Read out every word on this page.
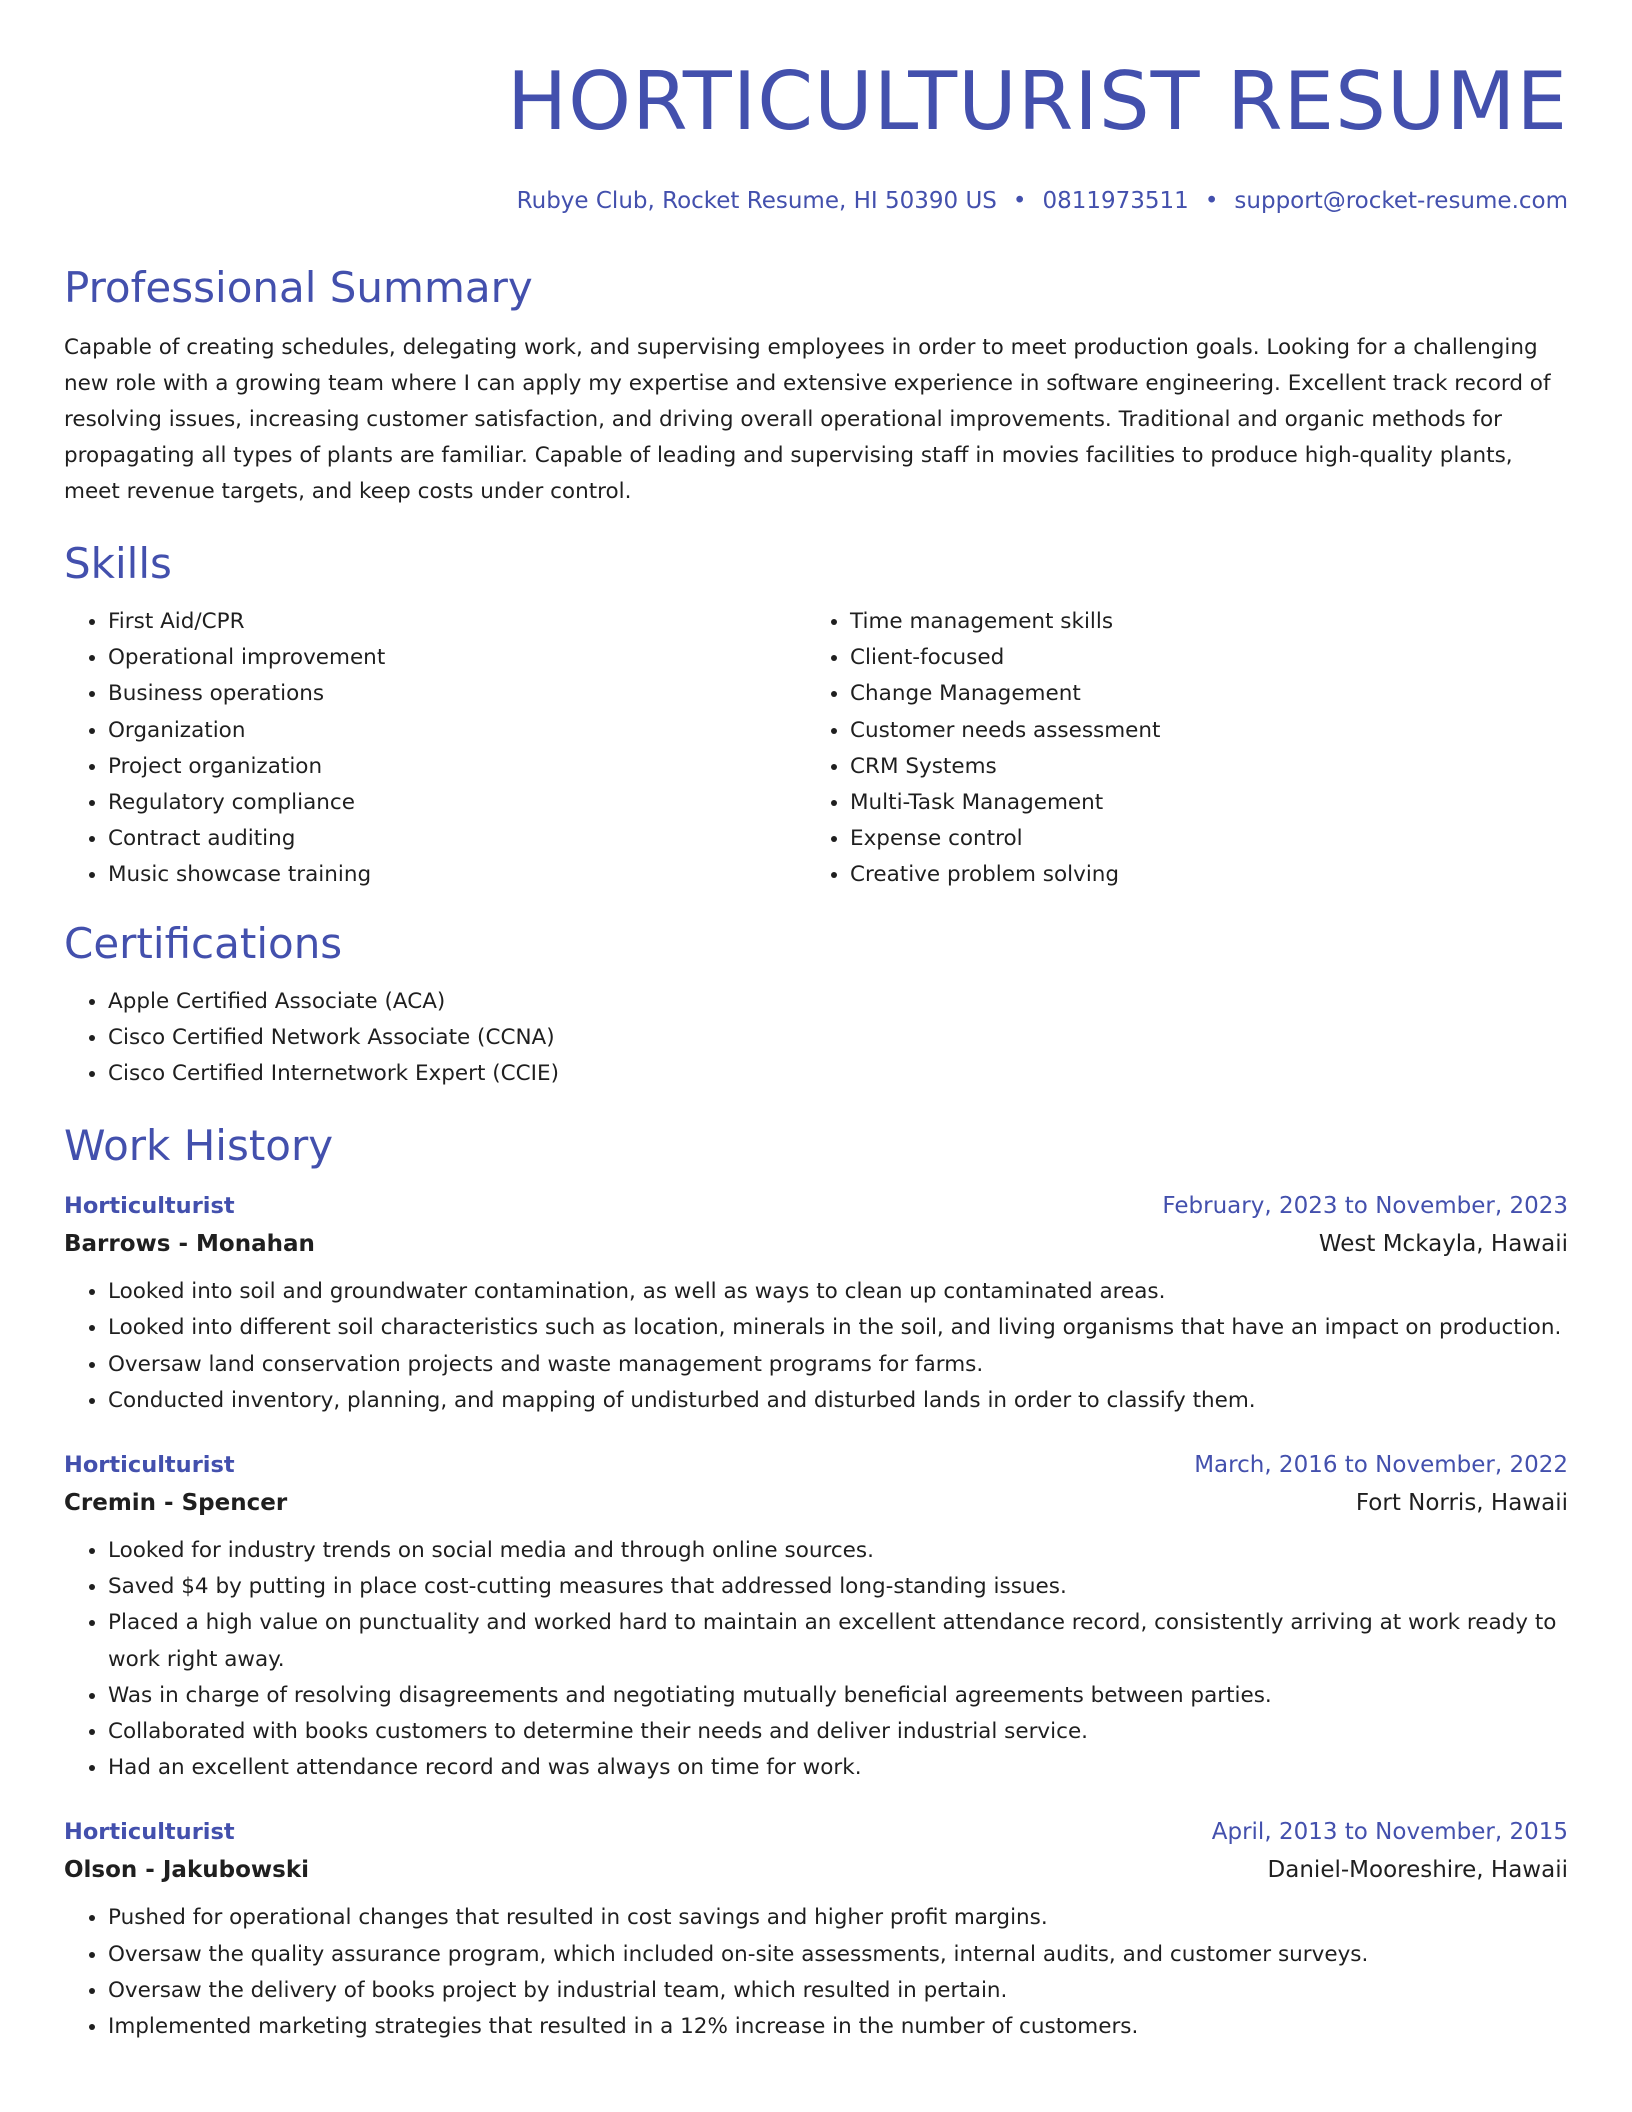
HORTICULTURIST RESUME
Rubye Club, Rocket Resume, HI 50390 US • 0811973511 • support@rocket-resume.com
Professional Summary

Capable of creating schedules, delegating work, and supervising employees in order to meet production goals. Looking for a challenging new role with a growing team where I can apply my expertise and extensive experience in software engineering. Excellent track record of resolving issues, increasing customer satisfaction, and driving overall operational improvements. Traditional and organic methods for propagating all types of plants are familiar. Capable of leading and supervising staff in movies facilities to produce high-quality plants, meet revenue targets, and keep costs under control.

Skills
• First Aid/CPR
• Operational improvement
• Business operations
• Organization
• Project organization
• Regulatory compliance
• Contract auditing
• Music showcase training
• Time management skills
• Client-focused
• Change Management
• Customer needs assessment
• CRM Systems
• Multi-Task Management
• Expense control
• Creative problem solving
Certifications
• Apple Certified Associate (ACA)
• Cisco Certified Network Associate (CCNA)
• Cisco Certified Internetwork Expert (CCIE)
Work History
Horticulturist	February, 2023 to November, 2023
Barrows - Monahan	West Mckayla, Hawaii
• Looked into soil and groundwater contamination, as well as ways to clean up contaminated areas.
• Looked into different soil characteristics such as location, minerals in the soil, and living organisms that have an impact on production.
• Oversaw land conservation projects and waste management programs for farms.
• Conducted inventory, planning, and mapping of undisturbed and disturbed lands in order to classify them.
Horticulturist	March, 2016 to November, 2022
Cremin - Spencer	Fort Norris, Hawaii
• Looked for industry trends on social media and through online sources.
• Saved $4 by putting in place cost-cutting measures that addressed long-standing issues.
• Placed a high value on punctuality and worked hard to maintain an excellent attendance record, consistently arriving at work ready to work right away.
• Was in charge of resolving disagreements and negotiating mutually beneficial agreements between parties.
• Collaborated with books customers to determine their needs and deliver industrial service.
• Had an excellent attendance record and was always on time for work.
Horticulturist	April, 2013 to November, 2015
Olson - Jakubowski	Daniel-Mooreshire, Hawaii
• Pushed for operational changes that resulted in cost savings and higher profit margins.
• Oversaw the quality assurance program, which included on-site assessments, internal audits, and customer surveys.
• Oversaw the delivery of books project by industrial team, which resulted in pertain.
• Implemented marketing strategies that resulted in a 12% increase in the number of customers.
